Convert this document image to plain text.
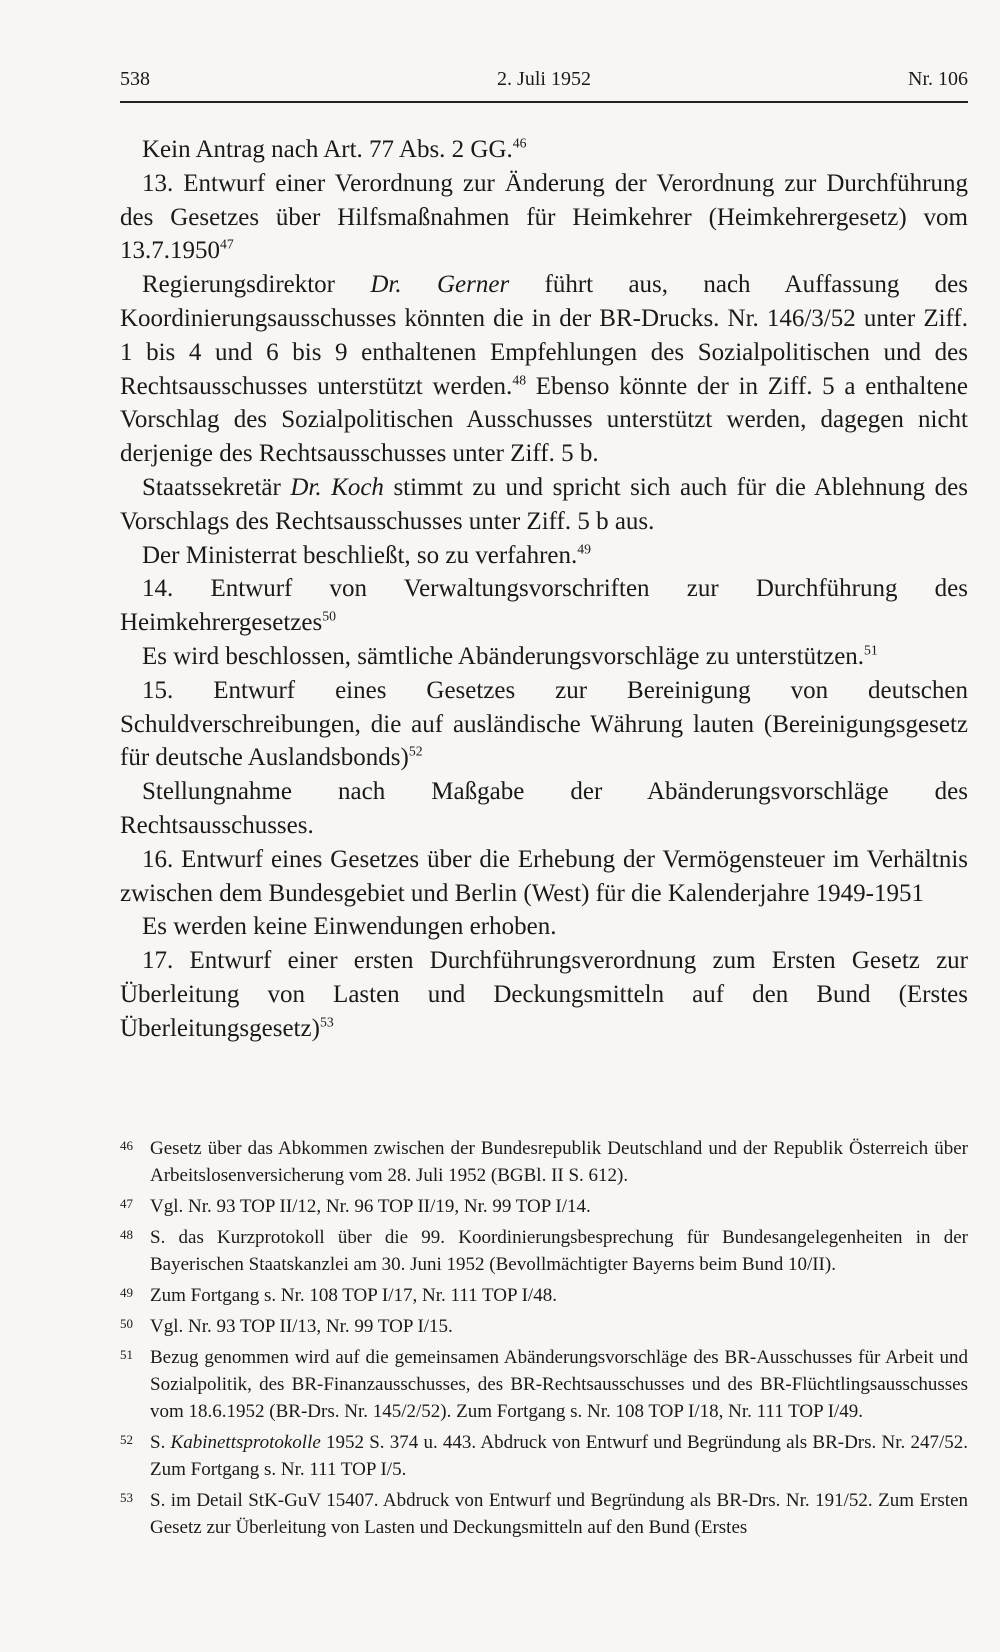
538	2. Juli 1952	Nr. 106

Kein Antrag nach Art. 77 Abs. 2 GG.$^{46}$

13. Entwurf einer Verordnung zur Änderung der Verordnung zur Durchführung des Gesetzes über Hilfsmaßnahmen für Heimkehrer (Heimkehrergesetz) vom 13.7.1950$^{47}$

Regierungsdirektor Dr. Gerner führt aus, nach Auffassung des Koordinierungsausschusses könnten die in der BR-Drucks. Nr. 146/3/52 unter Ziff. 1 bis 4 und 6 bis 9 enthaltenen Empfehlungen des Sozialpolitischen und des Rechtsausschusses unterstützt werden.$^{48}$ Ebenso könnte der in Ziff. 5 a enthaltene Vorschlag des Sozialpolitischen Ausschusses unterstützt werden, dagegen nicht derjenige des Rechtsausschusses unter Ziff. 5 b.

Staatssekretär Dr. Koch stimmt zu und spricht sich auch für die Ablehnung des Vorschlags des Rechtsausschusses unter Ziff. 5 b aus.

Der Ministerrat beschließt, so zu verfahren.$^{49}$

14. Entwurf von Verwaltungsvorschriften zur Durchführung des Heimkehrergesetzes$^{50}$

Es wird beschlossen, sämtliche Abänderungsvorschläge zu unterstützen.$^{51}$

15. Entwurf eines Gesetzes zur Bereinigung von deutschen Schuldverschreibungen, die auf ausländische Währung lauten (Bereinigungsgesetz für deutsche Auslandsbonds)$^{52}$

Stellungnahme nach Maßgabe der Abänderungsvorschläge des Rechtsausschusses.

16. Entwurf eines Gesetzes über die Erhebung der Vermögensteuer im Verhältnis zwischen dem Bundesgebiet und Berlin (West) für die Kalenderjahre 1949-1951

Es werden keine Einwendungen erhoben.

17. Entwurf einer ersten Durchführungsverordnung zum Ersten Gesetz zur Überleitung von Lasten und Deckungsmitteln auf den Bund (Erstes Überleitungsgesetz)$^{53}$

46 Gesetz über das Abkommen zwischen der Bundesrepublik Deutschland und der Republik Österreich über Arbeitslosenversicherung vom 28. Juli 1952 (BGBl. II S. 612).
47 Vgl. Nr. 93 TOP II/12, Nr. 96 TOP II/19, Nr. 99 TOP I/14.
48 S. das Kurzprotokoll über die 99. Koordinierungsbesprechung für Bundesangelegenheiten in der Bayerischen Staatskanzlei am 30. Juni 1952 (Bevollmächtigter Bayerns beim Bund 10/II).
49 Zum Fortgang s. Nr. 108 TOP I/17, Nr. 111 TOP I/48.
50 Vgl. Nr. 93 TOP II/13, Nr. 99 TOP I/15.
51 Bezug genommen wird auf die gemeinsamen Abänderungsvorschläge des BR-Ausschusses für Arbeit und Sozialpolitik, des BR-Finanzausschusses, des BR-Rechtsausschusses und des BR-Flüchtlingsausschusses vom 18.6.1952 (BR-Drs. Nr. 145/2/52). Zum Fortgang s. Nr. 108 TOP I/18, Nr. 111 TOP I/49.
52 S. Kabinettsprotokolle 1952 S. 374 u. 443. Abdruck von Entwurf und Begründung als BR-Drs. Nr. 247/52. Zum Fortgang s. Nr. 111 TOP I/5.
53 S. im Detail StK-GuV 15407. Abdruck von Entwurf und Begründung als BR-Drs. Nr. 191/52. Zum Ersten Gesetz zur Überleitung von Lasten und Deckungsmitteln auf den Bund (Erstes
